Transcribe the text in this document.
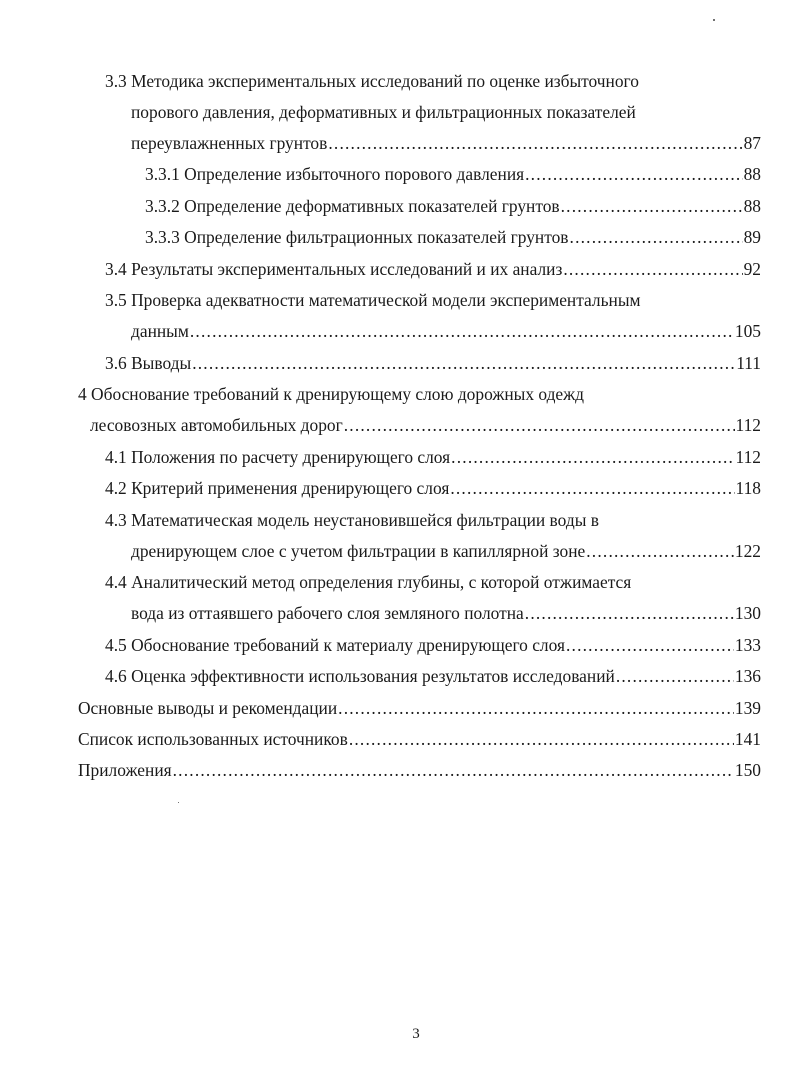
3.3 Методика экспериментальных исследований по оценке избыточного
порового давления, деформативных и фильтрационных показателей
переувлажненных грунтов .....	87
3.3.1 Определение избыточного порового давления .....	88
3.3.2 Определение деформативных показателей грунтов .....	88
3.3.3 Определение фильтрационных показателей грунтов .....	89
3.4 Результаты экспериментальных исследований и их анализ .....	92
3.5 Проверка адекватности математической модели экспериментальным
данным .....	105
3.6 Выводы .....	111
4 Обоснование требований к дренирующему слою дорожных одежд
лесовозных автомобильных дорог .....	112
4.1 Положения по расчету дренирующего слоя .....	112
4.2 Критерий применения дренирующего слоя .....	118
4.3 Математическая модель неустановившейся фильтрации воды в
дренирующем слое с учетом фильтрации в капиллярной зоне .....	122
4.4 Аналитический метод определения глубины, с которой отжимается
вода из оттаявшего рабочего слоя земляного полотна .....	130
4.5 Обоснование требований к материалу дренирующего слоя .....	133
4.6 Оценка эффективности использования результатов исследований .....	136
Основные выводы и рекомендации .....	139
Список использованных источников .....	141
Приложения .....	150
3
